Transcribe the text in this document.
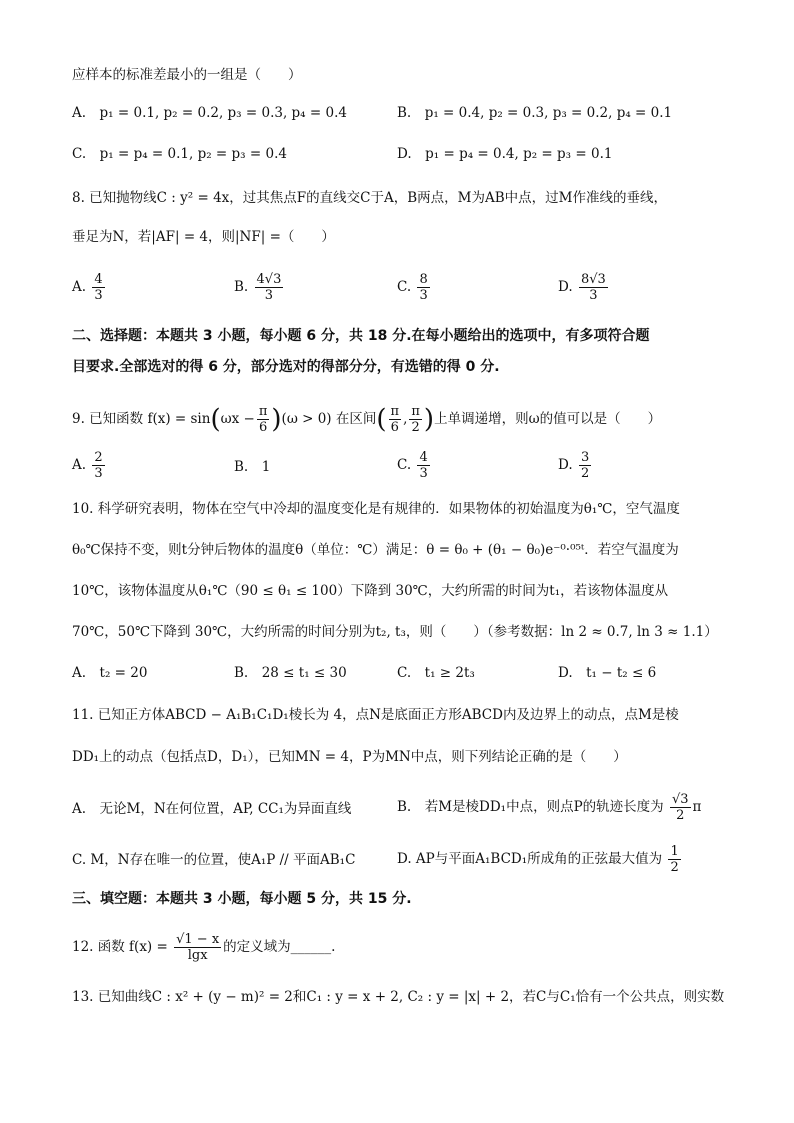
应样本的标准差最小的一组是（　　）
A.　p₁ = 0.1, p₂ = 0.2, p₃ = 0.3, p₄ = 0.4	B.　p₁ = 0.4, p₂ = 0.3, p₃ = 0.2, p₄ = 0.1
C.　p₁ = p₄ = 0.1, p₂ = p₃ = 0.4	D.　p₁ = p₄ = 0.4, p₂ = p₃ = 0.1
8. 已知抛物线C : y² = 4x，过其焦点F的直线交C于A，B两点，M为AB中点，过M作准线的垂线，
垂足为N，若|AF| = 4，则|NF| =（　　）
A. $\frac{4}{3}$	B. $\frac{4√3}{3}$	C. $\frac{8}{3}$	D. $\frac{8√3}{3}$
二、选择题：本题共 3 小题，每小题 6 分，共 18 分.在每小题给出的选项中，有多项符合题
目要求.全部选对的得 6 分，部分选对的得部分分，有选错的得 0 分.
9. 已知函数 $f(x) = \sin(\omega x - \frac{\pi}{6} )(\omega > 0)$ 在区间( $\frac{\pi}{6}$ , $\frac{\pi}{2}$ )上单调递增，则ω的值可以是（　　）
A. $\frac{2}{3}$	B.　1	C. $\frac{4}{3}$	D. $\frac{3}{2}$
10. 科学研究表明，物体在空气中冷却的温度变化是有规律的．如果物体的初始温度为θ₁℃，空气温度
θ₀℃保持不变，则t分钟后物体的温度θ（单位：℃）满足：θ = θ₀ + (θ₁ − θ₀)e⁻⁰·⁰⁵ᵗ．若空气温度为
10℃，该物体温度从θ₁℃（90 ≤ θ₁ ≤ 100）下降到 30℃，大约所需的时间为t₁，若该物体温度从
70℃，50℃下降到 30℃，大约所需的时间分别为t₂, t₃，则（　　）（参考数据：ln 2 ≈ 0.7, ln 3 ≈ 1.1）
A.　t₂ = 20	B.　28 ≤ t₁ ≤ 30	C.　t₁ ≥ 2t₃	D.　t₁ − t₂ ≤ 6
11. 已知正方体ABCD − A₁B₁C₁D₁棱长为 4，点N是底面正方形ABCD内及边界上的动点，点M是棱
DD₁上的动点（包括点D，D₁），已知MN = 4，P为MN中点，则下列结论正确的是（　　）
A.　无论M，N在何位置，AP, CC₁为异面直线	B.　若M是棱DD₁中点，则点P的轨迹长度为 $\frac{√3}{2}$ π
C. M，N存在唯一的位置，使A₁P // 平面AB₁C	D. AP与平面A₁BCD₁所成角的正弦最大值为 $\frac{1}{2}$
三、填空题：本题共 3 小题，每小题 5 分，共 15 分.
12. 函数 $f(x) = \frac{√1 - x}{\lg x}$ 的定义域为______.
13. 已知曲线C : x² + (y − m)² = 2和C₁ : y = x + 2, C₂ : y = |x| + 2，若C与C₁恰有一个公共点，则实数
